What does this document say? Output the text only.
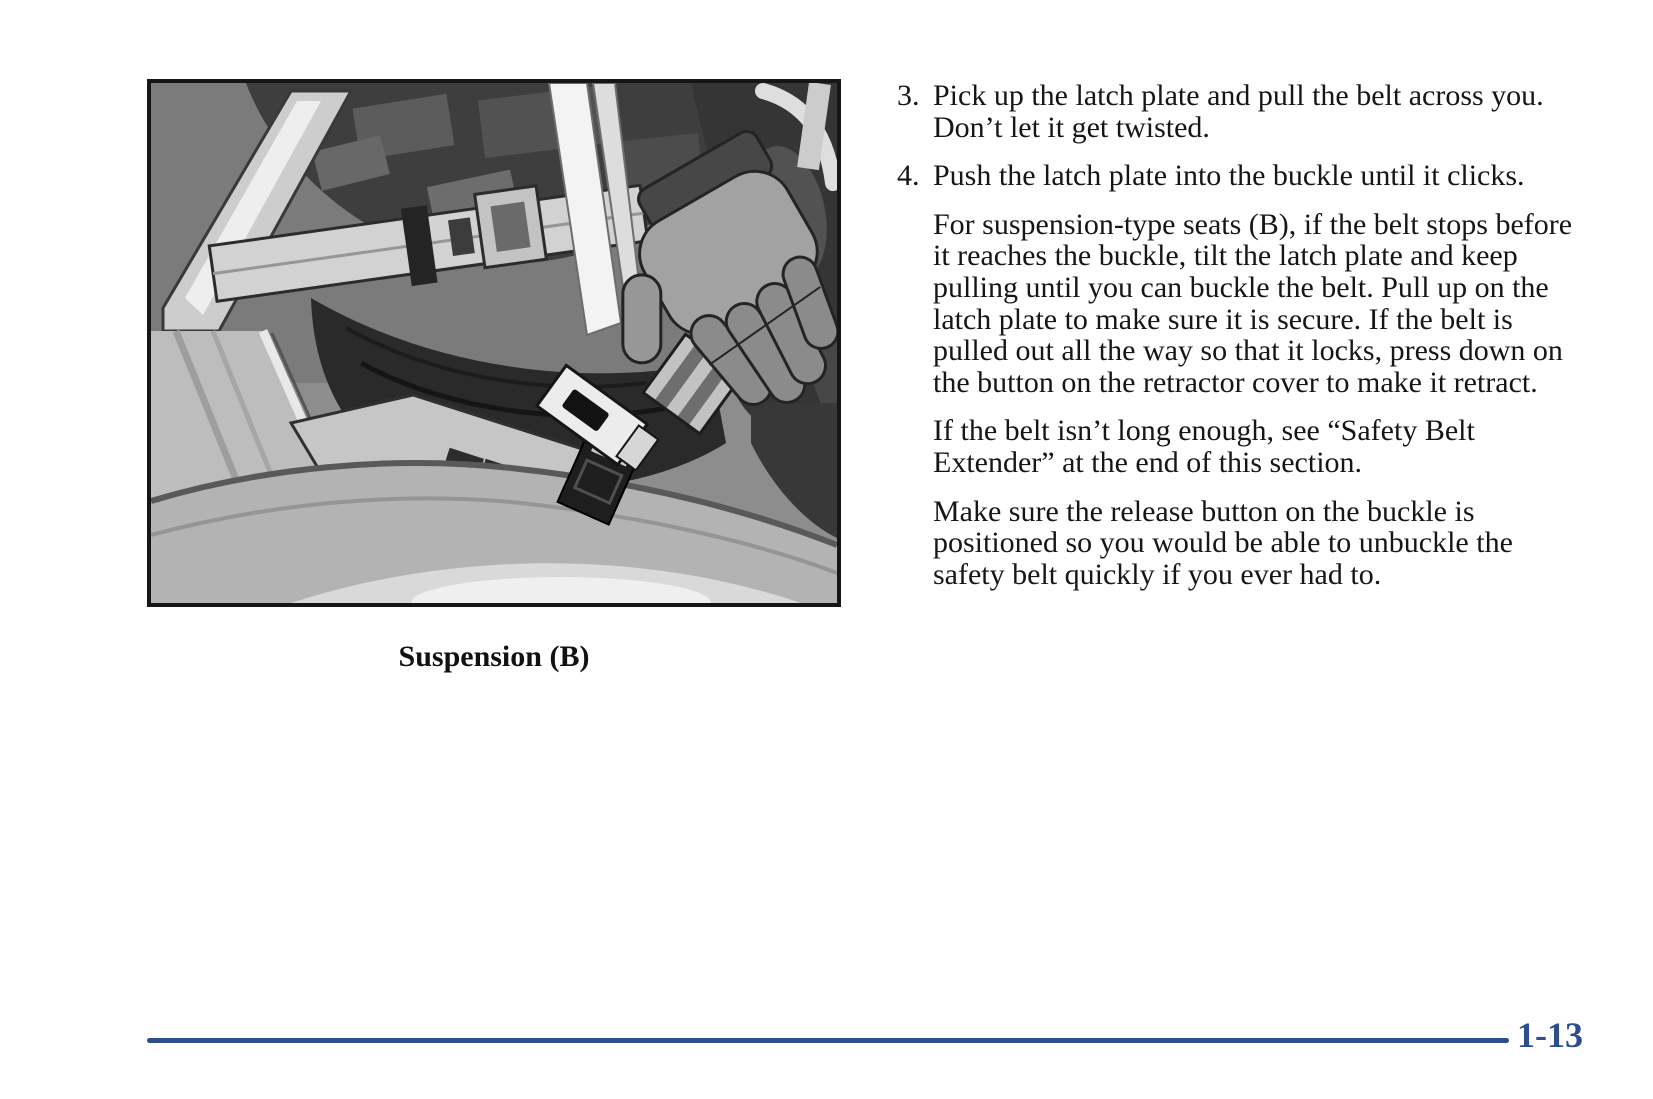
Suspension (B)
3. Pick up the latch plate and pull the belt across you.
Don’t let it get twisted.
4. Push the latch plate into the buckle until it clicks.
For suspension-type seats (B), if the belt stops before
it reaches the buckle, tilt the latch plate and keep
pulling until you can buckle the belt. Pull up on the
latch plate to make sure it is secure. If the belt is
pulled out all the way so that it locks, press down on
the button on the retractor cover to make it retract.
If the belt isn’t long enough, see “Safety Belt
Extender” at the end of this section.
Make sure the release button on the buckle is
positioned so you would be able to unbuckle the
safety belt quickly if you ever had to.
1-13
